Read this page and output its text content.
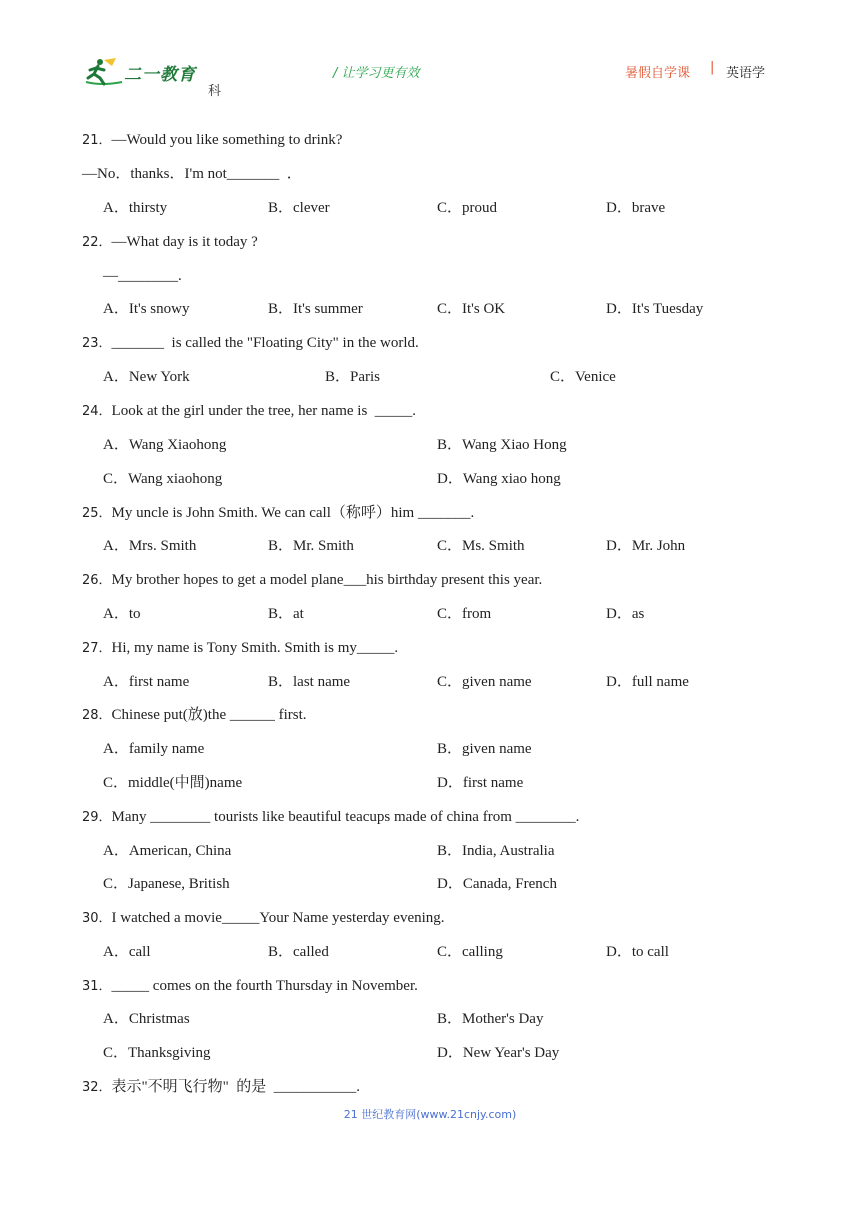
二一教育
科
/ 让学习更有效	暑假自学课 | 英语学
21．—Would you like something to drink?
—No．thanks．I'm not_______  ．
A．thirsty	B．clever	C．proud	D．brave
22．—What day is it today ?
—________.
A．It's snowy	B．It's summer	C．It's OK	D．It's Tuesday
23．_______  is called the "Floating City" in the world.
A．New York	B．Paris	C．Venice
24．Look at the girl under the tree, her name is  _____.
A．Wang Xiaohong	B．Wang Xiao Hong
C．Wang xiaohong	D．Wang xiao hong
25．My uncle is John Smith. We can call（称呼）him _______.
A．Mrs. Smith	B．Mr. Smith	C．Ms. Smith	D．Mr. John
26．My brother hopes to get a model plane___his birthday present this year.
A．to	B．at	C．from	D．as
27．Hi, my name is Tony Smith. Smith is my_____.
A．first name	B．last name	C．given name	D．full name
28．Chinese put(放)the ______ first.
A．family name	B．given name
C．middle(中間)name	D．first name
29．Many ________ tourists like beautiful teacups made of china from ________.
A．American, China	B．India, Australia
C．Japanese, British	D．Canada, French
30．I watched a movie_____Your Name yesterday evening.
A．call	B．called	C．calling	D．to call
31．_____ comes on the fourth Thursday in November.
A．Christmas	B．Mother's Day
C．Thanksgiving	D．New Year's Day
32．表示"不明飞行物"  的是  ___________.
21 世纪教育网(www.21cnjy.com)
